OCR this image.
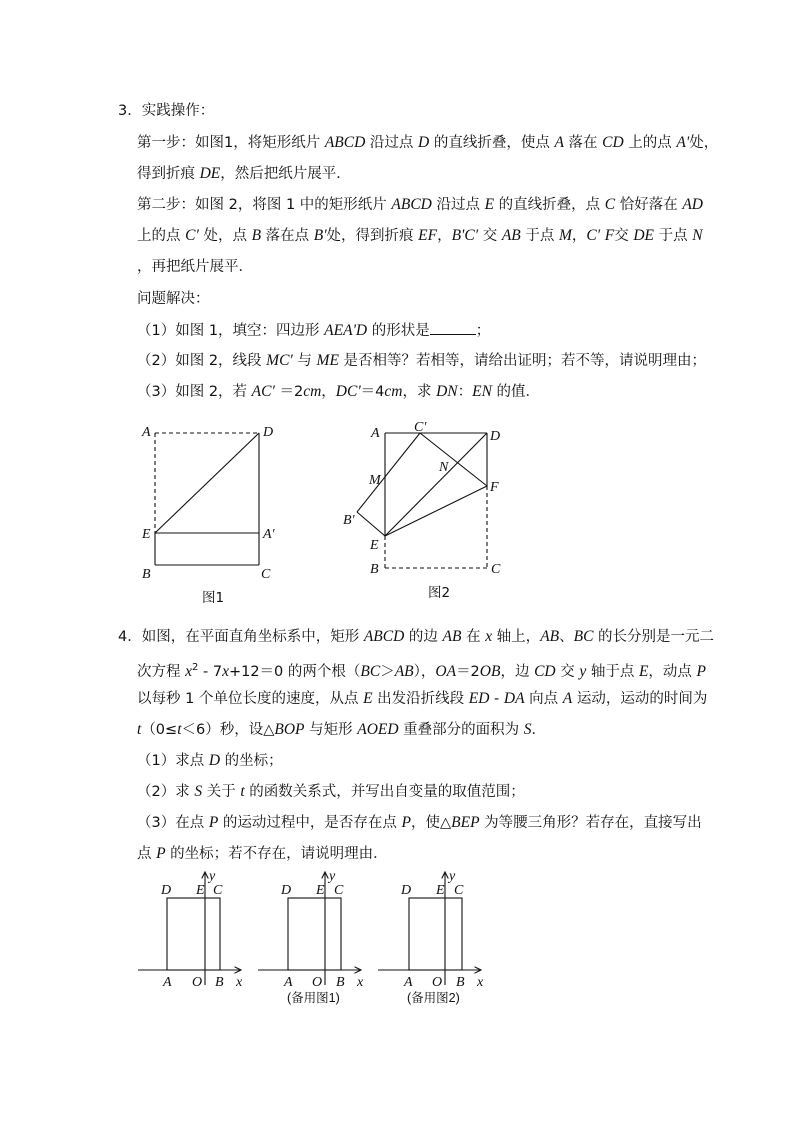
3．实践操作：
第一步：如图1，将矩形纸片 ABCD 沿过点 D 的直线折叠，使点 A 落在 CD 上的点 A'处，
得到折痕 DE，然后把纸片展平．
第二步：如图 2，将图 1 中的矩形纸片 ABCD 沿过点 E 的直线折叠，点 C 恰好落在 AD
上的点 C′ 处，点 B 落在点 B'处，得到折痕 EF，B'C′ 交 AB 于点 M，C′ F交 DE 于点 N
，再把纸片展平．
问题解决：
（1）如图 1，填空：四边形 AEA'D 的形状是	；
（2）如图 2，线段 MC′ 与 ME 是否相等？若相等，请给出证明；若不等，请说明理由；
（3）如图 2，若 AC′ ＝2cm，DC'＝4cm，求 DN：EN 的值．
A	D
E	A′
B	C
图1
A C′
D
N
M	F
B′
E
B	C
图2
4．如图，在平面直角坐标系中，矩形 ABCD 的边 AB 在 x 轴上，AB、BC 的长分别是一元二
次方程 $x^2 - 7x+12=0$ 的两个根（BC＞AB），OA＝2OB，边 CD 交 y 轴于点 E，动点 P
以每秒 1 个单位长度的速度，从点 E 出发沿折线段 ED - DA 向点 A 运动，运动的时间为
t（0≤t＜6）秒，设△BOP 与矩形 AOED 重叠部分的面积为 S．
（1）求点 D 的坐标；
（2）求 S 关于 t 的函数关系式，并写出自变量的取值范围；
（3）在点 P 的运动过程中，是否存在点 P，使△BEP 为等腰三角形？若存在，直接写出
点 P 的坐标；若不存在，请说明理由．
y
D E C
A O B x
y
D E C
A O B x
(备用图1)
y
D E C
A O B x
(备用图2)
